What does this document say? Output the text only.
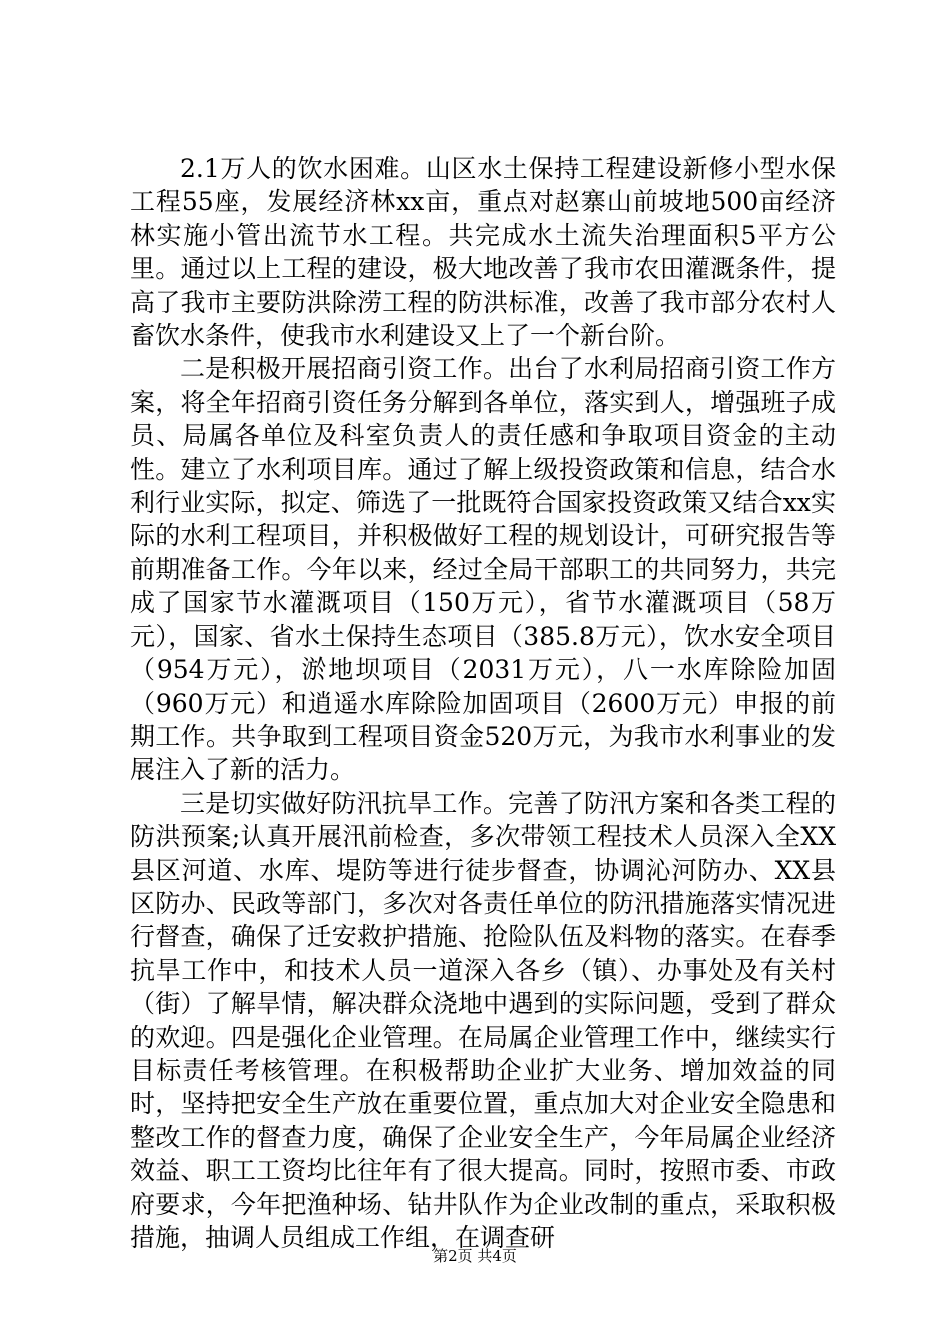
2.1万人的饮水困难。山区水土保持工程建设新修小型水保工程55座，发展经济林xx亩，重点对赵寨山前坡地500亩经济林实施小管出流节水工程。共完成水土流失治理面积5平方公里。通过以上工程的建设，极大地改善了我市农田灌溉条件，提高了我市主要防洪除涝工程的防洪标准，改善了我市部分农村人畜饮水条件，使我市水利建设又上了一个新台阶。

二是积极开展招商引资工作。出台了水利局招商引资工作方案，将全年招商引资任务分解到各单位，落实到人，增强班子成员、局属各单位及科室负责人的责任感和争取项目资金的主动性。建立了水利项目库。通过了解上级投资政策和信息，结合水利行业实际，拟定、筛选了一批既符合国家投资政策又结合xx实际的水利工程项目，并积极做好工程的规划设计，可研究报告等前期准备工作。今年以来，经过全局干部职工的共同努力，共完成了国家节水灌溉项目（150万元），省节水灌溉项目（58万元），国家、省水土保持生态项目（385.8万元），饮水安全项目（954万元），淤地坝项目（2031万元），八一水库除险加固（960万元）和逍遥水库除险加固项目（2600万元）申报的前期工作。共争取到工程项目资金520万元，为我市水利事业的发展注入了新的活力。

三是切实做好防汛抗旱工作。完善了防汛方案和各类工程的防洪预案;认真开展汛前检查，多次带领工程技术人员深入全XX县区河道、水库、堤防等进行徒步督查，协调沁河防办、XX县区防办、民政等部门，多次对各责任单位的防汛措施落实情况进行督查，确保了迁安救护措施、抢险队伍及料物的落实。在春季抗旱工作中，和技术人员一道深入各乡（镇）、办事处及有关村（街）了解旱情，解决群众浇地中遇到的实际问题，受到了群众的欢迎。四是强化企业管理。在局属企业管理工作中，继续实行目标责任考核管理。在积极帮助企业扩大业务、增加效益的同时，坚持把安全生产放在重要位置，重点加大对企业安全隐患和整改工作的督查力度，确保了企业安全生产，今年局属企业经济效益、职工工资均比往年有了很大提高。同时，按照市委、市政府要求，今年把渔种场、钻井队作为企业改制的重点，采取积极措施，抽调人员组成工作组，在调查研

第2页 共4页
